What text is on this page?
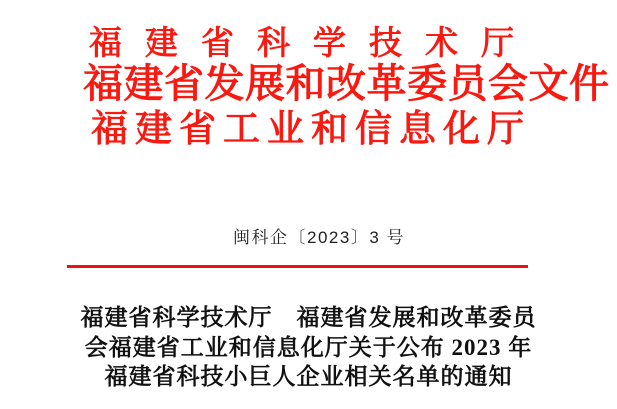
福建省科学技术厅
福建省发展和改革委员会文件
福建省工业和信息化厅
闽科企〔2023〕3 号
福建省科学技术厅　福建省发展和改革委员
会福建省工业和信息化厅关于公布 2023 年
福建省科技小巨人企业相关名单的通知
